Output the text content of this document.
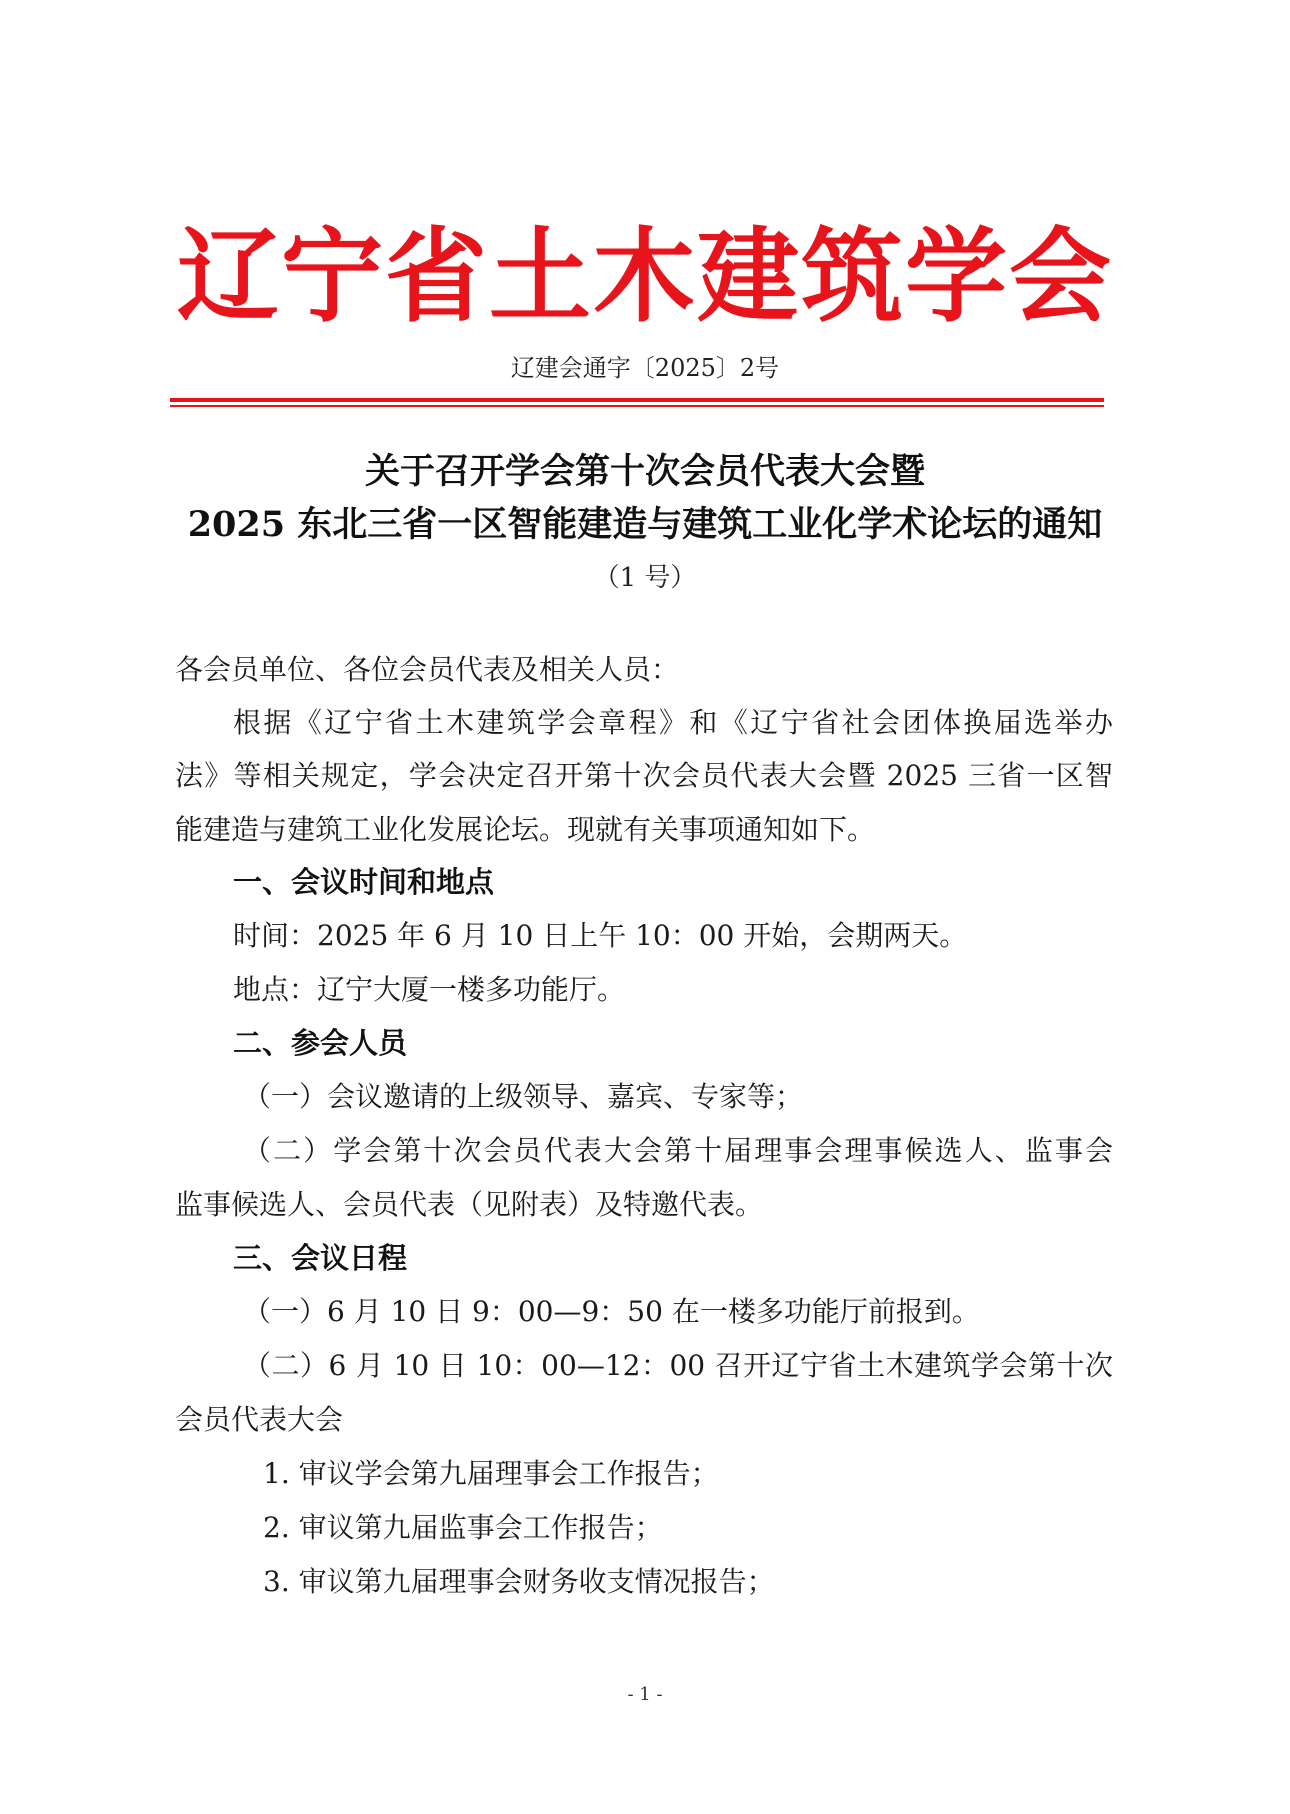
辽宁省土木建筑学会
辽建会通字〔2025〕2号
关于召开学会第十次会员代表大会暨
2025 东北三省一区智能建造与建筑工业化学术论坛的通知
（1 号）
各会员单位、各位会员代表及相关人员：
根据《辽宁省土木建筑学会章程》和《辽宁省社会团体换届选举办
法》等相关规定，学会决定召开第十次会员代表大会暨 2025 三省一区智
能建造与建筑工业化发展论坛。现就有关事项通知如下。
一、会议时间和地点
时间：2025 年 6 月 10 日上午 10：00 开始，会期两天。
地点：辽宁大厦一楼多功能厅。
二、参会人员
（一）会议邀请的上级领导、嘉宾、专家等；
（二）学会第十次会员代表大会第十届理事会理事候选人、监事会
监事候选人、会员代表（见附表）及特邀代表。
三、会议日程
（一）6 月 10 日 9：00—9：50 在一楼多功能厅前报到。
（二）6 月 10 日 10：00—12：00 召开辽宁省土木建筑学会第十次
会员代表大会
1. 审议学会第九届理事会工作报告；
2. 审议第九届监事会工作报告；
3. 审议第九届理事会财务收支情况报告；
- 1 -
